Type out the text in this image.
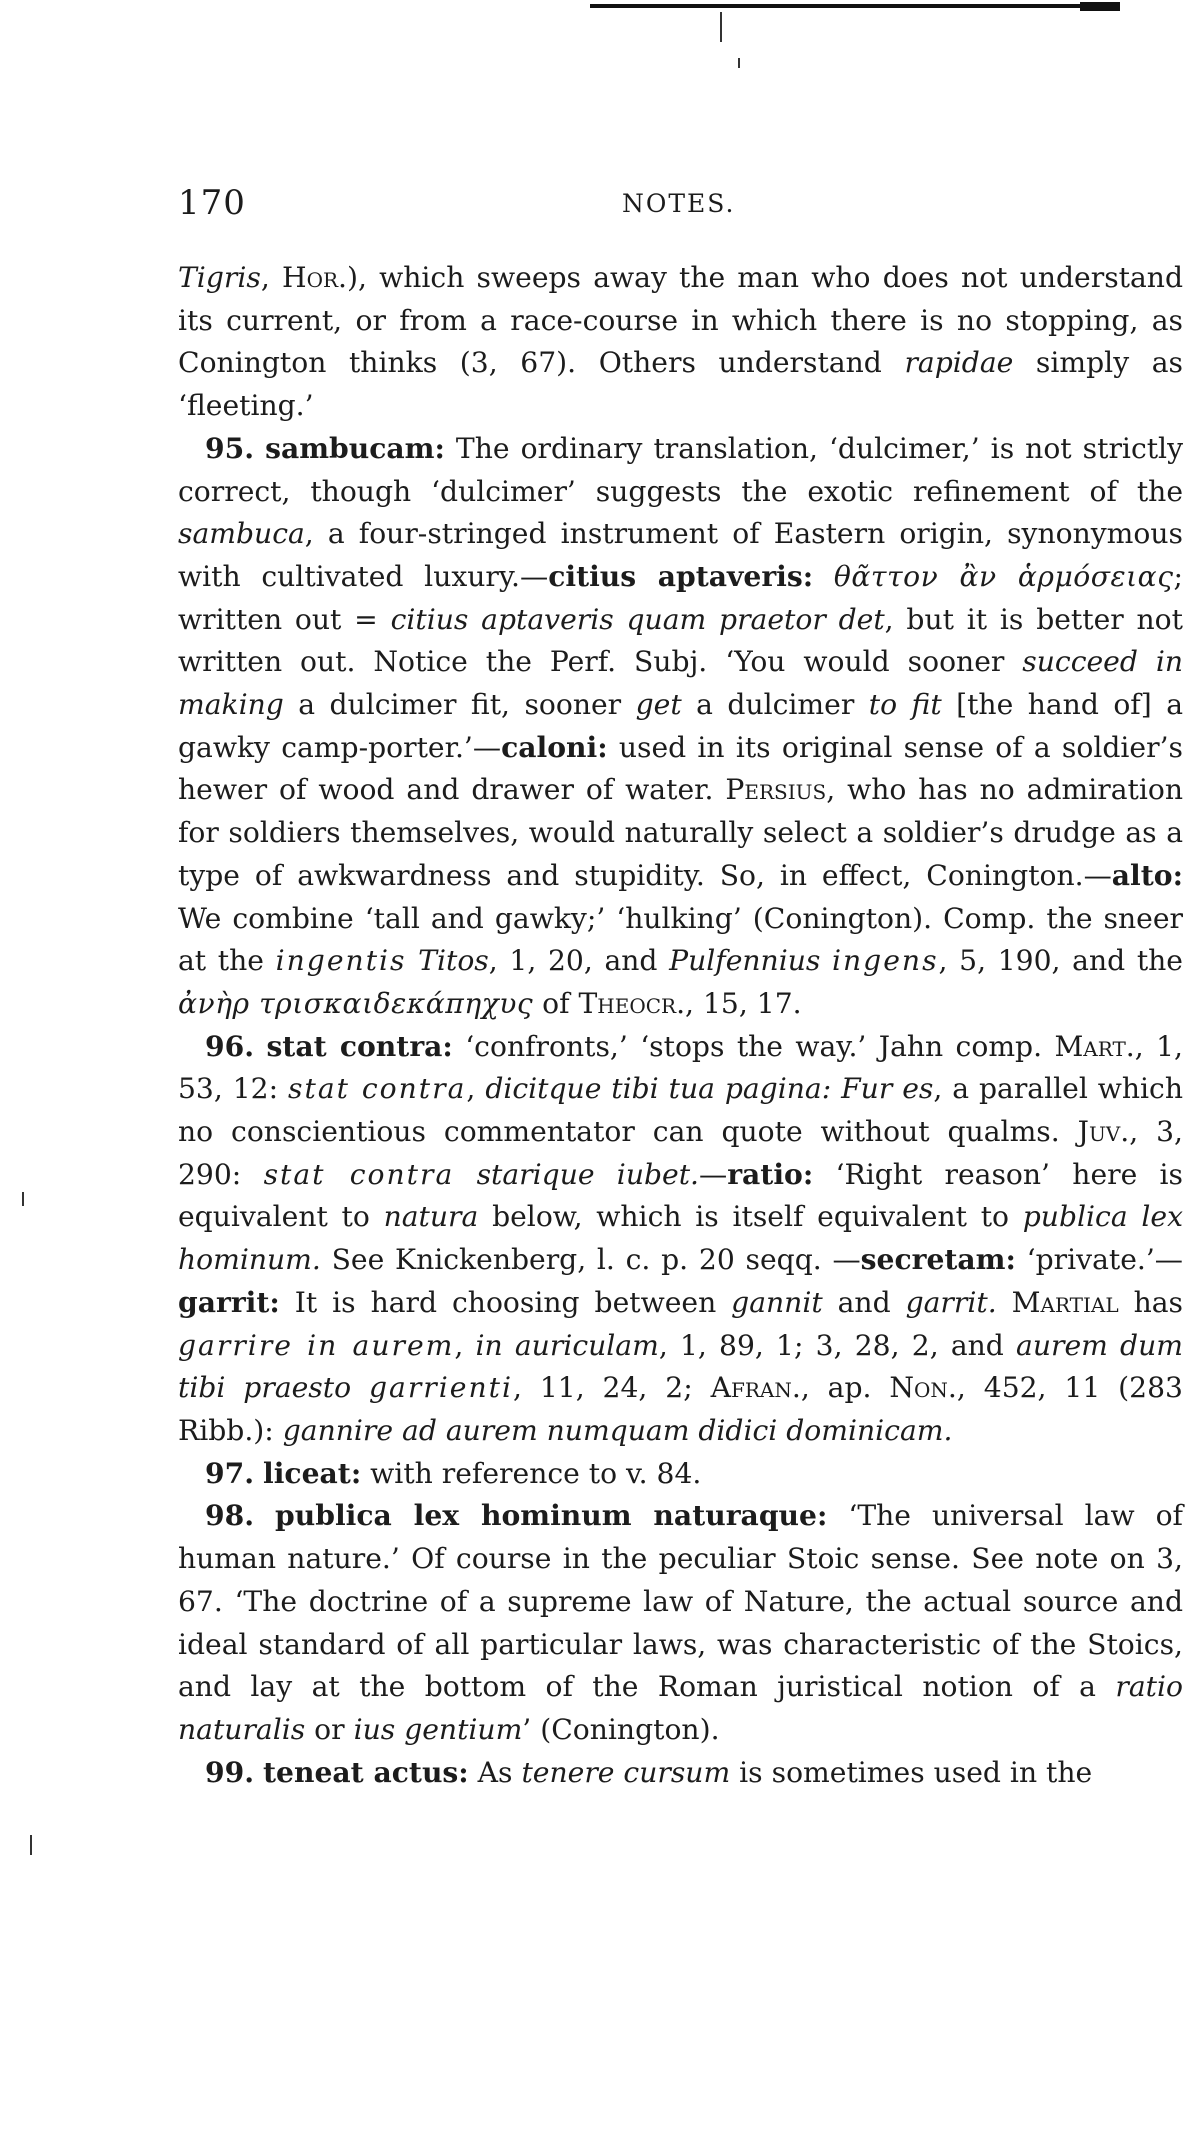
170	NOTES.

Tigris, Hor.), which sweeps away the man who does not understand its current, or from a race-course in which there is no stopping, as Conington thinks (3, 67). Others understand rapidae simply as ‘fleeting.’

95. sambucam: The ordinary translation, ‘dulcimer,’ is not strictly correct, though ‘dulcimer’ suggests the exotic refinement of the sambuca, a four-stringed instrument of Eastern origin, synonymous with cultivated luxury.—citius aptaveris: θᾶττον ἂν ἁρμόσειας; written out = citius aptaveris quam praetor det, but it is better not written out. Notice the Perf. Subj. ‘You would sooner succeed in making a dulcimer fit, sooner get a dulcimer to fit [the hand of] a gawky camp-porter.’—caloni: used in its original sense of a soldier’s hewer of wood and drawer of water. Persius, who has no admiration for soldiers themselves, would naturally select a soldier’s drudge as a type of awkwardness and stupidity. So, in effect, Conington.—alto: We combine ‘tall and gawky;’ ‘hulking’ (Conington). Comp. the sneer at the ingentis Titos, 1, 20, and Pulfennius ingens, 5, 190, and the ἀνὴρ τρισκαιδεκάπηχυς of Theocr., 15, 17.

96. stat contra: ‘confronts,’ ‘stops the way.’ Jahn comp. Mart., 1, 53, 12: stat contra, dicitque tibi tua pagina: Fur es, a parallel which no conscientious commentator can quote without qualms. Juv., 3, 290: stat contra starique iubet.—ratio: ‘Right reason’ here is equivalent to natura below, which is itself equivalent to publica lex hominum. See Knickenberg, l. c. p. 20 seqq. —secretam: ‘private.’—garrit: It is hard choosing between gannit and garrit. Martial has garrire in aurem, in auriculam, 1, 89, 1; 3, 28, 2, and aurem dum tibi praesto garrienti, 11, 24, 2; Afran., ap. Non., 452, 11 (283 Ribb.): gannire ad aurem numquam didici dominicam.

97. liceat: with reference to v. 84.

98. publica lex hominum naturaque: ‘The universal law of human nature.’ Of course in the peculiar Stoic sense. See note on 3, 67. ‘The doctrine of a supreme law of Nature, the actual source and ideal standard of all particular laws, was characteristic of the Stoics, and lay at the bottom of the Roman juristical notion of a ratio naturalis or ius gentium’ (Conington).

99. teneat actus: As tenere cursum is sometimes used in the
